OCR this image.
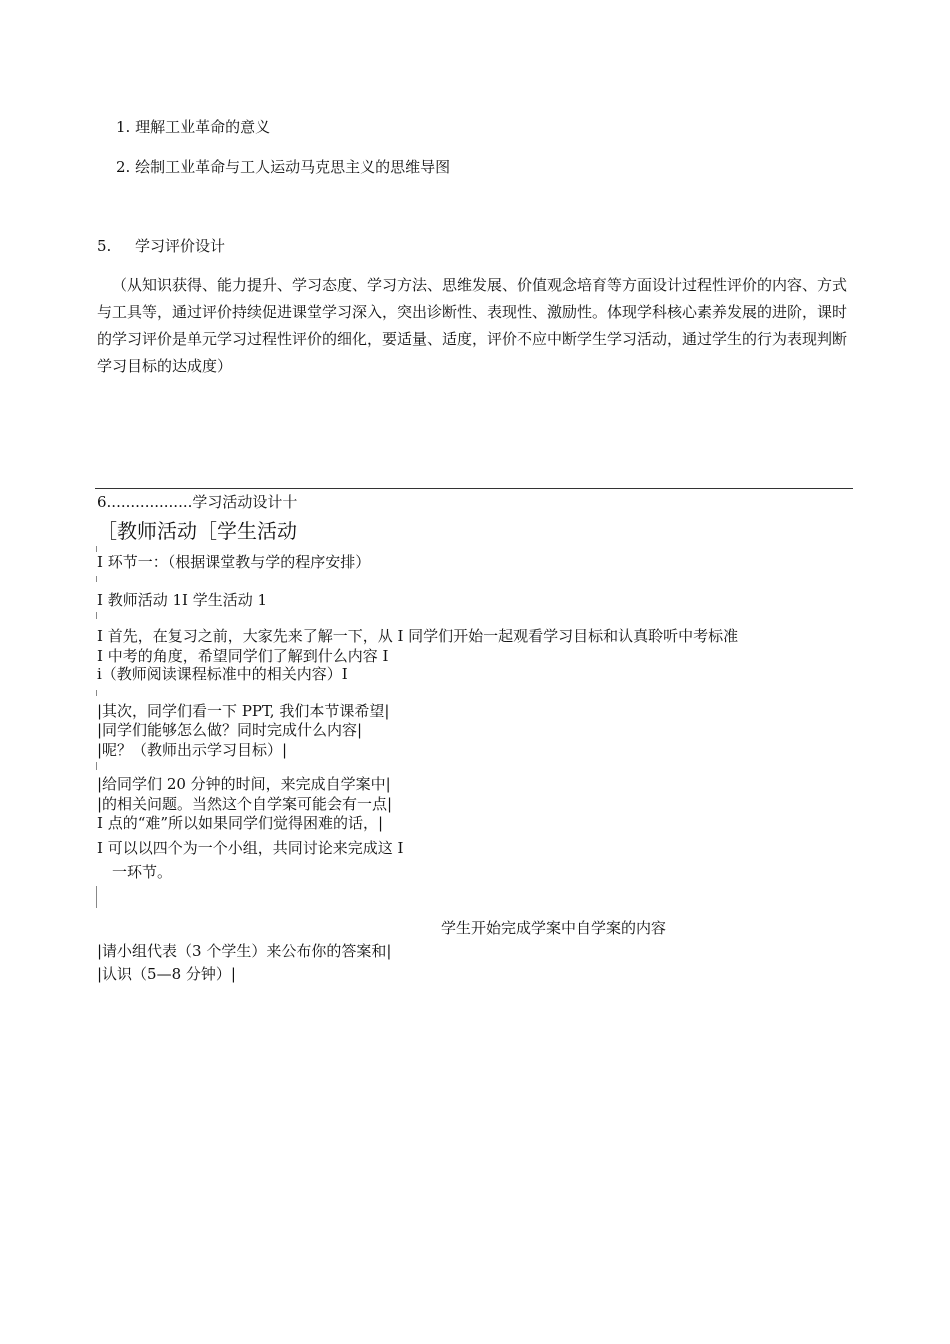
1. 理解工业革命的意义
2. 绘制工业革命与工人运动马克思主义的思维导图
5. 学习评价设计
（从知识获得、能力提升、学习态度、学习方法、思维发展、价值观念培育等方面设计过程性评价的内容、方式与工具等，通过评价持续促进课堂学习深入，突出诊断性、表现性、激励性。体现学科核心素养发展的进阶，课时的学习评价是单元学习过程性评价的细化，要适量、适度，评价不应中断学生学习活动，通过学生的行为表现判断学习目标的达成度）
6..................学习活动设计十
［教师活动［学生活动
I 环节一：（根据课堂教与学的程序安排）
I 教师活动 1I 学生活动 1
I 首先，在复习之前，大家先来了解一下，从 I 同学们开始一起观看学习目标和认真聆听中考标准
I 中考的角度，希望同学们了解到什么内容 I
i（教师阅读课程标准中的相关内容）I
|其次，同学们看一下 PPT, 我们本节课希望|
|同学们能够怎么做？同时完成什么内容|
|呢？（教师出示学习目标）|
|给同学们 20 分钟的时间，来完成自学案中|
|的相关问题。当然这个自学案可能会有一点|
I 点的“难”所以如果同学们觉得困难的话，|
I 可以以四个为一个小组，共同讨论来完成这 I
一环节。
学生开始完成学案中自学案的内容
|请小组代表（3 个学生）来公布你的答案和|
|认识（5—8 分钟）|
